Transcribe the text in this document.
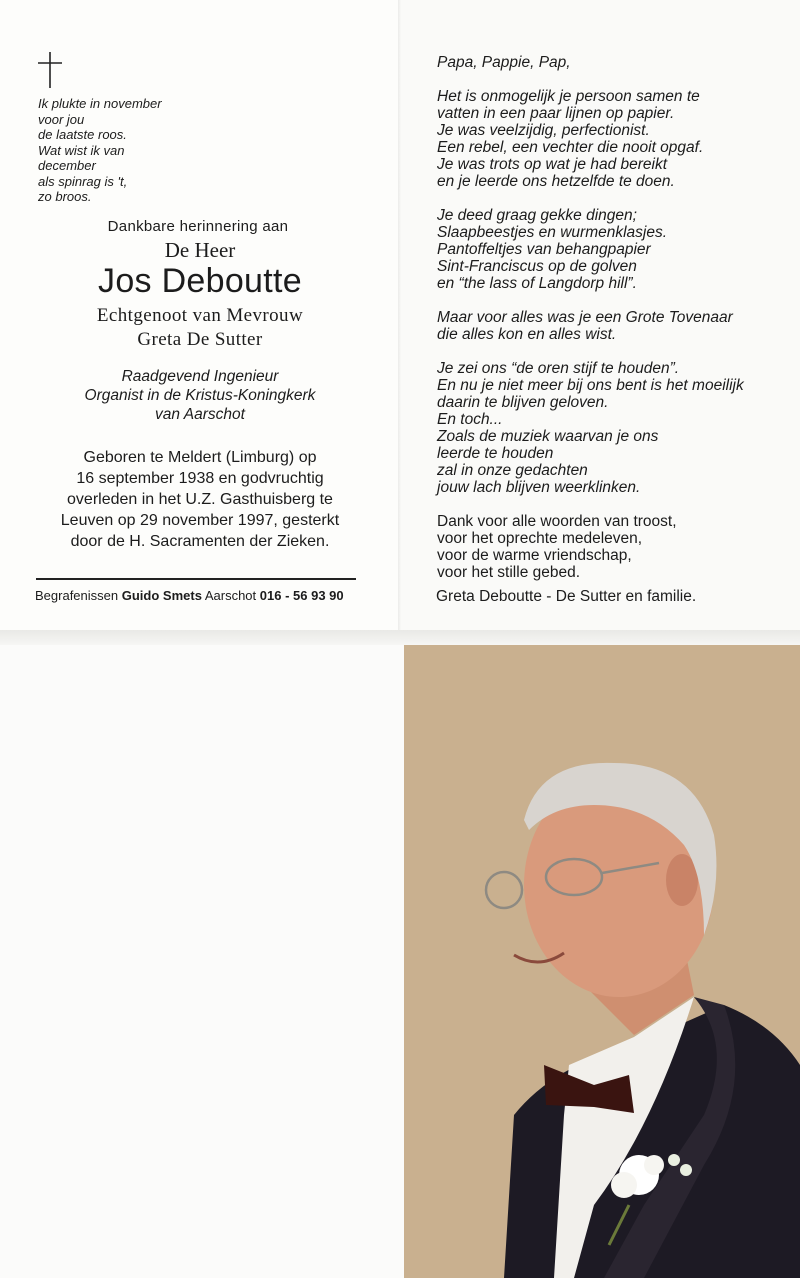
Ik plukte in november
voor jou
de laatste roos.
Wat wist ik van
december
als spinrag is 't,
zo broos.
Dankbare herinnering aan
De Heer
Jos Deboutte
Echtgenoot van Mevrouw
Greta De Sutter
Raadgevend Ingenieur
Organist in de Kristus-Koningkerk
van Aarschot
Geboren te Meldert (Limburg) op
16 september 1938 en godvruchtig
overleden in het U.Z. Gasthuisberg te
Leuven op 29 november 1997, gesterkt
door de H. Sacramenten der Zieken.
Begrafenissen Guido Smets Aarschot 016 - 56 93 90
Papa, Pappie, Pap,
Het is onmogelijk je persoon samen te
vatten in een paar lijnen op papier.
Je was veelzijdig, perfectionist.
Een rebel, een vechter die nooit opgaf.
Je was trots op wat je had bereikt
en je leerde ons hetzelfde te doen.
Je deed graag gekke dingen;
Slaapbeestjes en wurmenklasjes.
Pantoffeltjes van behangpapier
Sint-Franciscus op de golven
en “the lass of Langdorp hill”.
Maar voor alles was je een Grote Tovenaar
die alles kon en alles wist.
Je zei ons “de oren stijf te houden”.
En nu je niet meer bij ons bent is het moeilijk
daarin te blijven geloven.
En toch...
Zoals de muziek waarvan je ons
leerde te houden
zal in onze gedachten
jouw lach blijven weerklinken.
Dank voor alle woorden van troost,
voor het oprechte medeleven,
voor de warme vriendschap,
voor het stille gebed.
Greta Deboutte - De Sutter en familie.
